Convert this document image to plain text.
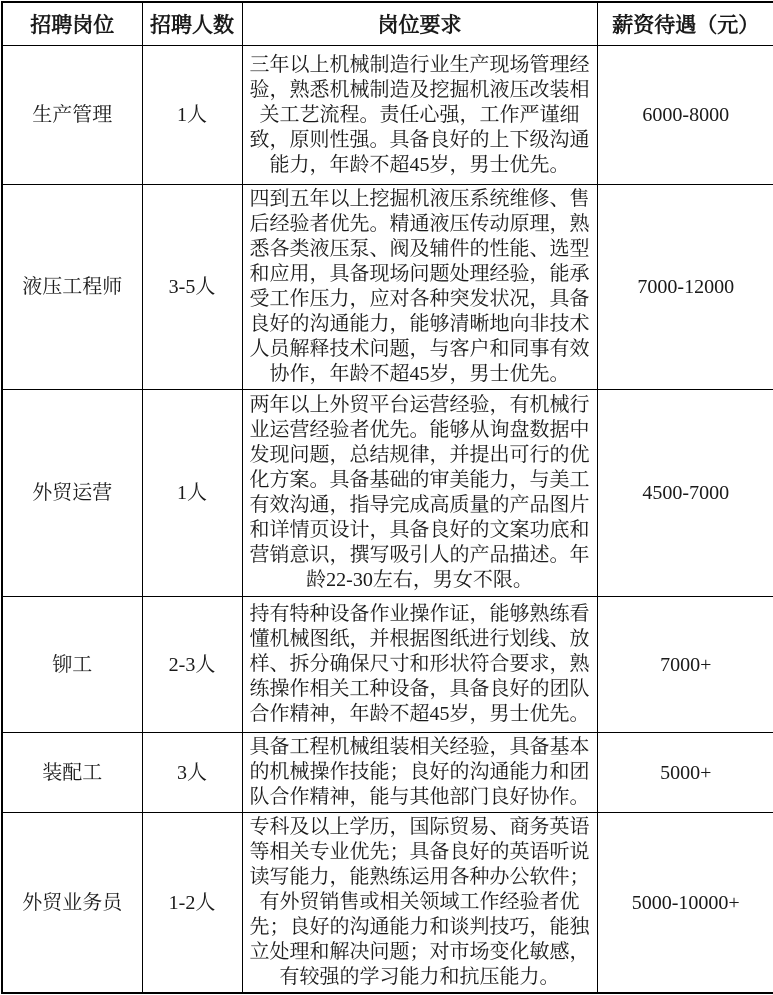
招聘岗位	招聘人数	岗位要求	薪资待遇（元）
生产管理	1人	三年以上机械制造行业生产现场管理经验，熟悉机械制造及挖掘机液压改装相关工艺流程。责任心强，工作严谨细致，原则性强。具备良好的上下级沟通能力，年龄不超45岁，男士优先。	6000-8000
液压工程师	3-5人	四到五年以上挖掘机液压系统维修、售后经验者优先。精通液压传动原理，熟悉各类液压泵、阀及辅件的性能、选型和应用，具备现场问题处理经验，能承受工作压力，应对各种突发状况，具备良好的沟通能力，能够清晰地向非技术人员解释技术问题，与客户和同事有效协作，年龄不超45岁，男士优先。	7000-12000
外贸运营	1人	两年以上外贸平台运营经验，有机械行业运营经验者优先。能够从询盘数据中发现问题，总结规律，并提出可行的优化方案。具备基础的审美能力，与美工有效沟通，指导完成高质量的产品图片和详情页设计，具备良好的文案功底和营销意识，撰写吸引人的产品描述。年龄22-30左右，男女不限。	4500-7000
铆工	2-3人	持有特种设备作业操作证，能够熟练看懂机械图纸，并根据图纸进行划线、放样、拆分确保尺寸和形状符合要求，熟练操作相关工种设备，具备良好的团队合作精神，年龄不超45岁，男士优先。	7000+
装配工	3人	具备工程机械组装相关经验，具备基本的机械操作技能；良好的沟通能力和团队合作精神，能与其他部门良好协作。	5000+
外贸业务员	1-2人	专科及以上学历，国际贸易、商务英语等相关专业优先；具备良好的英语听说读写能力，能熟练运用各种办公软件；有外贸销售或相关领域工作经验者优先；良好的沟通能力和谈判技巧，能独立处理和解决问题；对市场变化敏感，有较强的学习能力和抗压能力。	5000-10000+
